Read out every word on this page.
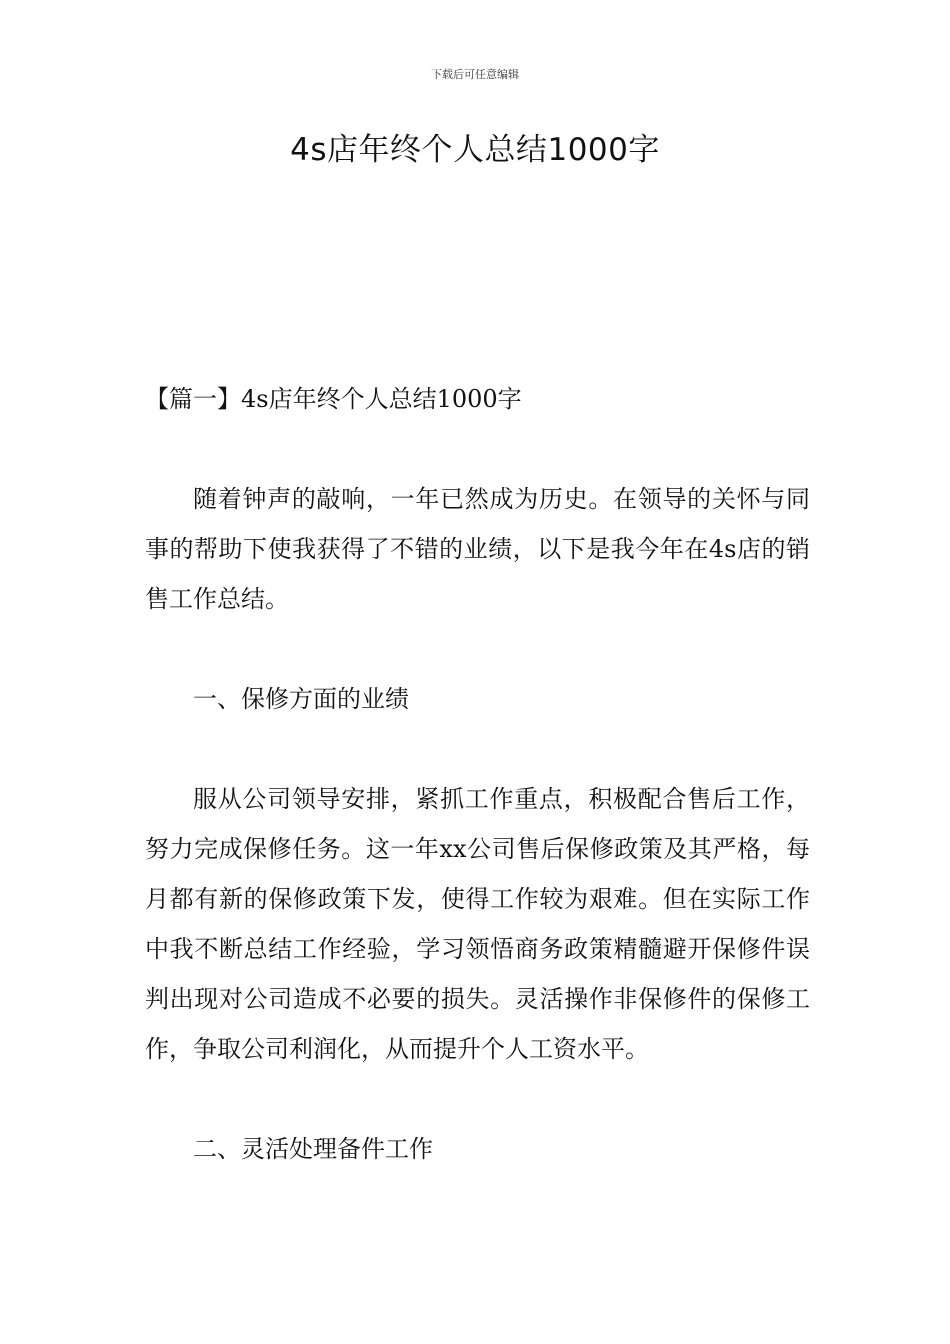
下载后可任意编辑
4s店年终个人总结1000字
【篇一】4s店年终个人总结1000字
随着钟声的敲响，一年已然成为历史。在领导的关怀与同事的帮助下使我获得了不错的业绩，以下是我今年在4s店的销售工作总结。
一、保修方面的业绩
服从公司领导安排，紧抓工作重点，积极配合售后工作，努力完成保修任务。这一年xx公司售后保修政策及其严格，每月都有新的保修政策下发，使得工作较为艰难。但在实际工作中我不断总结工作经验，学习领悟商务政策精髓避开保修件误判出现对公司造成不必要的损失。灵活操作非保修件的保修工作，争取公司利润化，从而提升个人工资水平。
二、灵活处理备件工作
